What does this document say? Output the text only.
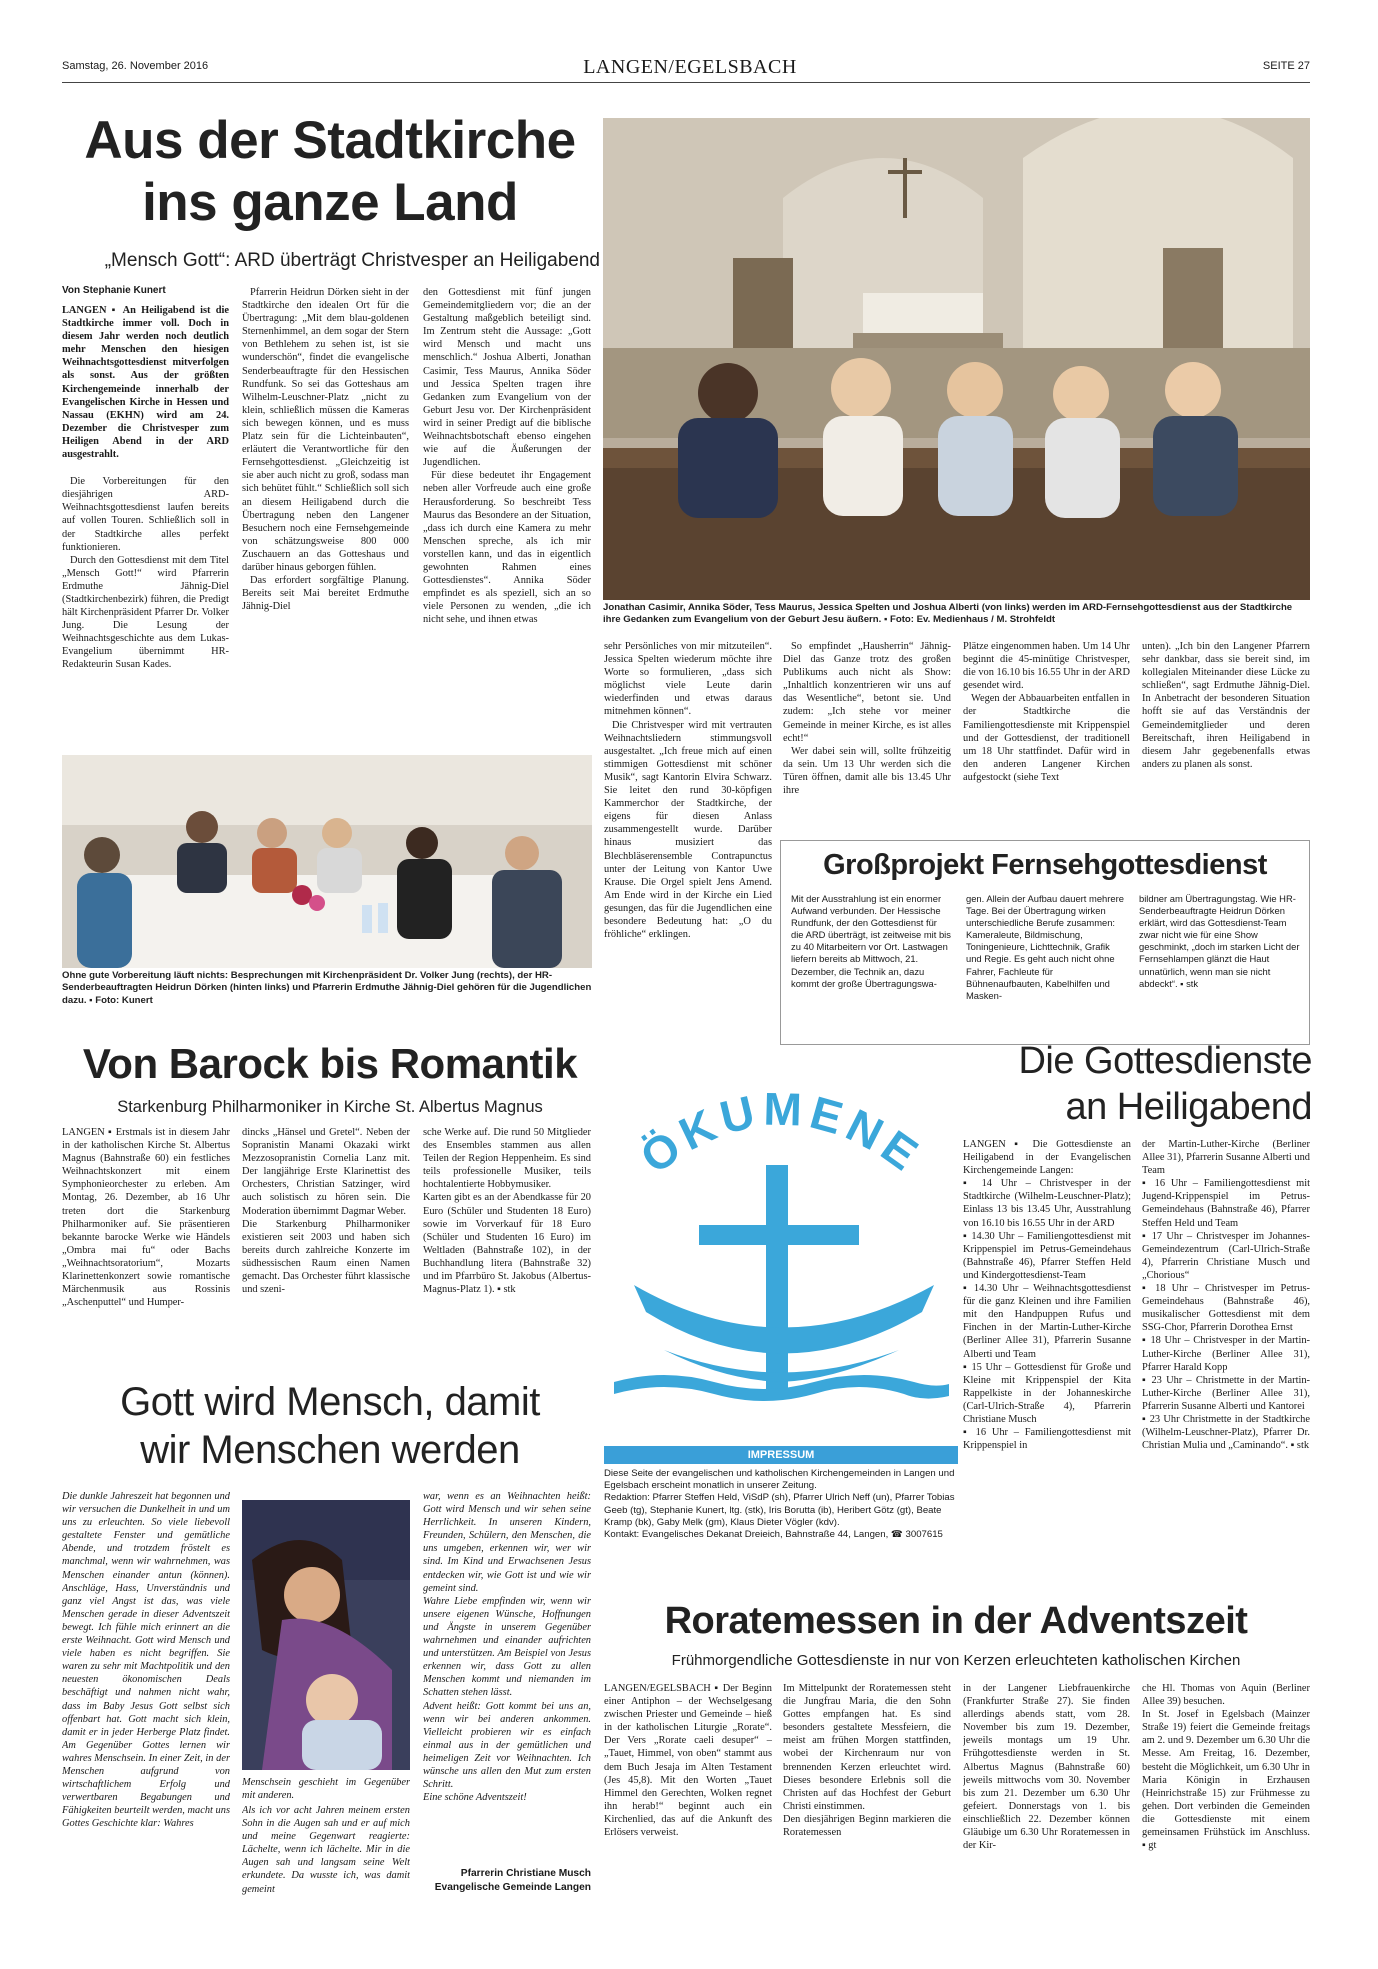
Samstag, 26. November 2016	LANGEN/EGELSBACH	SEITE 27
Aus der Stadtkirche
ins ganze Land
„Mensch Gott“: ARD überträgt Christvesper an Heiligabend
Von Stephanie Kunert

LANGEN ▪ An Heiligabend ist die Stadtkirche immer voll. Doch in diesem Jahr werden noch deutlich mehr Menschen den hiesigen Weihnachtsgottesdienst mitverfolgen als sonst. Aus der größten Kirchengemeinde innerhalb der Evangelischen Kirche in Hessen und Nassau (EKHN) wird am 24. Dezember die Christvesper zum Heiligen Abend in der ARD ausgestrahlt.

Die Vorbereitungen für den diesjährigen ARD-Weihnachtsgottesdienst laufen bereits auf vollen Touren. Schließlich soll in der Stadtkirche alles perfekt funktionieren.

Durch den Gottesdienst mit dem Titel „Mensch Gott!“ wird Pfarrerin Erdmuthe Jähnig-Diel (Stadtkirchenbezirk) führen, die Predigt hält Kirchenpräsident Pfarrer Dr. Volker Jung. Die Lesung der Weihnachtsgeschichte aus dem Lukas-Evangelium übernimmt HR-Redakteurin Susan Kades.

Pfarrerin Heidrun Dörken sieht in der Stadtkirche den idealen Ort für die Übertragung: „Mit dem blau-goldenen Sternenhimmel, an dem sogar der Stern von Bethlehem zu sehen ist, ist sie wunderschön“, findet die evangelische Senderbeauftragte für den Hessischen Rundfunk. So sei das Gotteshaus am Wilhelm-Leuschner-Platz „nicht zu klein, schließlich müssen die Kameras sich bewegen können, und es muss Platz sein für die Lichteinbauten“, erläutert die Verantwortliche für den Fernsehgottesdienst. „Gleichzeitig ist sie aber auch nicht zu groß, sodass man sich behütet fühlt.“ Schließlich soll sich an diesem Heiligabend durch die Übertragung neben den Langener Besuchern noch eine Fernsehgemeinde von schätzungsweise 800 000 Zuschauern an das Gotteshaus und darüber hinaus geborgen fühlen.

Das erfordert sorgfältige Planung. Bereits seit Mai bereitet Erdmuthe Jähnig-Diel

den Gottesdienst mit fünf jungen Gemeindemitgliedern vor; die an der Gestaltung maßgeblich beteiligt sind. Im Zentrum steht die Aussage: „Gott wird Mensch und macht uns menschlich.“ Joshua Alberti, Jonathan Casimir, Tess Maurus, Annika Söder und Jessica Spelten tragen ihre Gedanken zum Evangelium von der Geburt Jesu vor. Der Kirchenpräsident wird in seiner Predigt auf die biblische Weihnachtsbotschaft ebenso eingehen wie auf die Äußerungen der Jugendlichen.

Für diese bedeutet ihr Engagement neben aller Vorfreude auch eine große Herausforderung. So beschreibt Tess Maurus das Besondere an der Situation, „dass ich durch eine Kamera zu mehr Menschen spreche, als ich mir vorstellen kann, und das in eigentlich gewohnten Rahmen eines Gottesdienstes“. Annika Söder empfindet es als speziell, sich an so viele Personen zu wenden, „die ich nicht sehe, und ihnen etwas

Jonathan Casimir, Annika Söder, Tess Maurus, Jessica Spelten und Joshua Alberti (von links) werden im ARD-Fernsehgottesdienst aus der Stadtkirche ihre Gedanken zum Evangelium von der Geburt Jesu äußern. ▪ Foto: Ev. Medienhaus / M. Strohfeldt
Ohne gute Vorbereitung läuft nichts: Besprechungen mit Kirchenpräsident Dr. Volker Jung (rechts), der HR-Senderbeauftragten Heidrun Dörken (hinten links) und Pfarrerin Erdmuthe Jähnig-Diel gehören für die Jugendlichen dazu. ▪ Foto: Kunert

sehr Persönliches von mir mitzuteilen“. Jessica Spelten wiederum möchte ihre Worte so formulieren, „dass sich möglichst viele Leute darin wiederfinden und etwas daraus mitnehmen können“.

Die Christvesper wird mit vertrauten Weihnachtsliedern stimmungsvoll ausgestaltet. „Ich freue mich auf einen stimmigen Gottesdienst mit schöner Musik“, sagt Kantorin Elvira Schwarz. Sie leitet den rund 30-köpfigen Kammerchor der Stadtkirche, der eigens für diesen Anlass zusammengestellt wurde. Darüber hinaus musiziert das Blechbläserensemble Contrapunctus unter der Leitung von Kantor Uwe Krause. Die Orgel spielt Jens Amend. Am Ende wird in der Kirche ein Lied gesungen, das für die Jugendlichen eine besondere Bedeutung hat: „O du fröhliche“ erklingen.

So empfindet „Hausherrin“ Jähnig-Diel das Ganze trotz des großen Publikums auch nicht als Show: „Inhaltlich konzentrieren wir uns auf das Wesentliche“, betont sie. Und zudem: „Ich stehe vor meiner Gemeinde in meiner Kirche, es ist alles echt!“

Wer dabei sein will, sollte frühzeitig da sein. Um 13 Uhr werden sich die Türen öffnen, damit alle bis 13.45 Uhr ihre

Plätze eingenommen haben. Um 14 Uhr beginnt die 45-minütige Christvesper, die von 16.10 bis 16.55 Uhr in der ARD gesendet wird.

Wegen der Abbauarbeiten entfallen in der Stadtkirche die Familiengottesdienste mit Krippenspiel und der Gottesdienst, der traditionell um 18 Uhr stattfindet. Dafür wird in den anderen Langener Kirchen aufgestockt (siehe Text

unten). „Ich bin den Langener Pfarrern sehr dankbar, dass sie bereit sind, im kollegialen Miteinander diese Lücke zu schließen“, sagt Erdmuthe Jähnig-Diel. In Anbetracht der besonderen Situation hofft sie auf das Verständnis der Gemeindemitglieder und deren Bereitschaft, ihren Heiligabend in diesem Jahr gegebenenfalls etwas anders zu planen als sonst.

Großprojekt Fernsehgottesdienst
Mit der Ausstrahlung ist ein enormer Aufwand verbunden. Der Hessische Rundfunk, der den Gottesdienst für die ARD überträgt, ist zeitweise mit bis zu 40 Mitarbeitern vor Ort. Lastwagen liefern bereits ab Mittwoch, 21. Dezember, die Technik an, dazu kommt der große Übertragungswa-
gen. Allein der Aufbau dauert mehrere Tage. Bei der Übertragung wirken unterschiedliche Berufe zusammen: Kameraleute, Bildmischung, Toningenieure, Lichttechnik, Grafik und Regie. Es geht auch nicht ohne Fahrer, Fachleute für Bühnenaufbauten, Kabelhilfen und Masken-
bildner am Übertragungstag. Wie HR-Senderbeauftragte Heidrun Dörken erklärt, wird das Gottesdienst-Team zwar nicht wie für eine Show geschminkt, „doch im starken Licht der Fernsehlampen glänzt die Haut unnatürlich, wenn man sie nicht abdeckt“. ▪ stk
Von Barock bis Romantik
Starkenburg Philharmoniker in Kirche St. Albertus Magnus
LANGEN ▪ Erstmals ist in diesem Jahr in der katholischen Kirche St. Albertus Magnus (Bahnstraße 60) ein festliches Weihnachtskonzert mit einem Symphonieorchester zu erleben. Am Montag, 26. Dezember, ab 16 Uhr treten dort die Starkenburg Philharmoniker auf. Sie präsentieren bekannte barocke Werke wie Händels „Ombra mai fu“ oder Bachs „Weihnachtsoratorium“, Mozarts Klarinettenkonzert sowie romantische Märchenmusik aus Rossinis „Aschenputtel“ und Humper-
dincks „Hänsel und Gretel“. Neben der Sopranistin Manami Okazaki wirkt Mezzosopranistin Cornelia Lanz mit. Der langjährige Erste Klarinettist des Orchesters, Christian Satzinger, wird auch solistisch zu hören sein. Die Moderation übernimmt Dagmar Weber.
Die Starkenburg Philharmoniker existieren seit 2003 und haben sich bereits durch zahlreiche Konzerte im südhessischen Raum einen Namen gemacht. Das Orchester führt klassische und szeni-
sche Werke auf. Die rund 50 Mitglieder des Ensembles stammen aus allen Teilen der Region Heppenheim. Es sind teils professionelle Musiker, teils hochtalentierte Hobbymusiker.
Karten gibt es an der Abendkasse für 20 Euro (Schüler und Studenten 18 Euro) sowie im Vorverkauf für 18 Euro (Schüler und Studenten 16 Euro) im Weltladen (Bahnstraße 102), in der Buchhandlung litera (Bahnstraße 32) und im Pfarrbüro St. Jakobus (Albertus-Magnus-Platz 1). ▪ stk
ÖKUMENE
IMPRESSUM
Diese Seite der evangelischen und katholischen Kirchengemeinden in Langen und Egelsbach erscheint monatlich in unserer Zeitung.
Redaktion: Pfarrer Steffen Held, ViSdP (sh), Pfarrer Ulrich Neff (un), Pfarrer Tobias Geeb (tg), Stephanie Kunert, ltg. (stk), Iris Borutta (ib), Heribert Götz (gt), Beate Kramp (bk), Gaby Melk (gm), Klaus Dieter Vögler (kdv).
Kontakt: Evangelisches Dekanat Dreieich, Bahnstraße 44, Langen, ☎ 3007615
Die Gottesdienste
an Heiligabend
LANGEN ▪ Die Gottesdienste an Heiligabend in der Evangelischen Kirchengemeinde Langen:
▪ 14 Uhr – Christvesper in der Stadtkirche (Wilhelm-Leuschner-Platz); Einlass 13 bis 13.45 Uhr, Ausstrahlung von 16.10 bis 16.55 Uhr in der ARD
▪ 14.30 Uhr – Familiengottesdienst mit Krippenspiel im Petrus-Gemeindehaus (Bahnstraße 46), Pfarrer Steffen Held und Kindergottesdienst-Team
▪ 14.30 Uhr – Weihnachtsgottesdienst für die ganz Kleinen und ihre Familien mit den Handpuppen Rufus und Finchen in der Martin-Luther-Kirche (Berliner Allee 31), Pfarrerin Susanne Alberti und Team
▪ 15 Uhr – Gottesdienst für Große und Kleine mit Krippenspiel der Kita Rappelkiste in der Johanneskirche (Carl-Ulrich-Straße 4), Pfarrerin Christiane Musch
▪ 16 Uhr – Familiengottesdienst mit Krippenspiel in
der Martin-Luther-Kirche (Berliner Allee 31), Pfarrerin Susanne Alberti und Team
▪ 16 Uhr – Familiengottesdienst mit Jugend-Krippenspiel im Petrus-Gemeindehaus (Bahnstraße 46), Pfarrer Steffen Held und Team
▪ 17 Uhr – Christvesper im Johannes-Gemeindezentrum (Carl-Ulrich-Straße 4), Pfarrerin Christiane Musch und „Chorious“
▪ 18 Uhr – Christvesper im Petrus-Gemeindehaus (Bahnstraße 46), musikalischer Gottesdienst mit dem SSG-Chor, Pfarrerin Dorothea Ernst
▪ 18 Uhr – Christvesper in der Martin-Luther-Kirche (Berliner Allee 31), Pfarrer Harald Kopp
▪ 23 Uhr – Christmette in der Martin-Luther-Kirche (Berliner Allee 31), Pfarrerin Susanne Alberti und Kantorei
▪ 23 Uhr Christmette in der Stadtkirche (Wilhelm-Leuschner-Platz), Pfarrer Dr. Christian Mulia und „Caminando“. ▪ stk
Gott wird Mensch, damit
wir Menschen werden
Die dunkle Jahreszeit hat begonnen und wir versuchen die Dunkelheit in und um uns zu erleuchten. So viele liebevoll gestaltete Fenster und gemütliche Abende, und trotzdem fröstelt es manchmal, wenn wir wahrnehmen, was Menschen einander antun (können). Anschläge, Hass, Unverständnis und ganz viel Angst ist das, was viele Menschen gerade in dieser Adventszeit bewegt. Ich fühle mich erinnert an die erste Weihnacht. Gott wird Mensch und viele haben es nicht begriffen. Sie waren zu sehr mit Machtpolitik und den neuesten ökonomischen Deals beschäftigt und nahmen nicht wahr, dass im Baby Jesus Gott selbst sich offenbart hat. Gott macht sich klein, damit er in jeder Herberge Platz findet. Am Gegenüber Gottes lernen wir wahres Menschsein. In einer Zeit, in der Menschen aufgrund von wirtschaftlichem Erfolg und verwertbaren Begabungen und Fähigkeiten beurteilt werden, macht uns Gottes Geschichte klar: Wahres
Menschsein geschieht im Gegenüber mit anderen.
Als ich vor acht Jahren meinem ersten Sohn in die Augen sah und er auf mich und meine Gegenwart reagierte: Lächelte, wenn ich lächelte. Mir in die Augen sah und langsam seine Welt erkundete. Da wusste ich, was damit gemeint
war, wenn es an Weihnachten heißt: Gott wird Mensch und wir sehen seine Herrlichkeit. In unseren Kindern, Freunden, Schülern, den Menschen, die uns umgeben, erkennen wir, wer wir sind. Im Kind und Erwachsenen Jesus entdecken wir, wie Gott ist und wie wir gemeint sind.
Wahre Liebe empfinden wir, wenn wir unsere eigenen Wünsche, Hoffnungen und Ängste in unserem Gegenüber wahrnehmen und einander aufrichten und unterstützen. Am Beispiel von Jesus erkennen wir, dass Gott zu allen Menschen kommt und niemanden im Schatten stehen lässt.
Advent heißt: Gott kommt bei uns an, wenn wir bei anderen ankommen. Vielleicht probieren wir es einfach einmal aus in der gemütlichen und heimeligen Zeit vor Weihnachten. Ich wünsche uns allen den Mut zum ersten Schritt.
Eine schöne Adventszeit!
Pfarrerin Christiane Musch
Evangelische Gemeinde Langen
Roratemessen in der Adventszeit
Frühmorgendliche Gottesdienste in nur von Kerzen erleuchteten katholischen Kirchen
LANGEN/EGELSBACH ▪ Der Beginn einer Antiphon – der Wechselgesang zwischen Priester und Gemeinde – hieß in der katholischen Liturgie „Rorate“. Der Vers „Rorate caeli desuper“ – „Tauet, Himmel, von oben“ stammt aus dem Buch Jesaja im Alten Testament (Jes 45,8). Mit den Worten „Tauet Himmel den Gerechten, Wolken regnet ihn herab!“ beginnt auch ein Kirchenlied, das auf die Ankunft des Erlösers verweist.
Im Mittelpunkt der Roratemessen steht die Jungfrau Maria, die den Sohn Gottes empfangen hat. Es sind besonders gestaltete Messfeiern, die meist am frühen Morgen stattfinden, wobei der Kirchenraum nur von brennenden Kerzen erleuchtet wird. Dieses besondere Erlebnis soll die Christen auf das Hochfest der Geburt Christi einstimmen.
Den diesjährigen Beginn markieren die Roratemessen
in der Langener Liebfrauenkirche (Frankfurter Straße 27). Sie finden allerdings abends statt, vom 28. November bis zum 19. Dezember, jeweils montags um 19 Uhr. Frühgottesdienste werden in St. Albertus Magnus (Bahnstraße 60) jeweils mittwochs vom 30. November bis zum 21. Dezember um 6.30 Uhr gefeiert. Donnerstags von 1. bis einschließlich 22. Dezember können Gläubige um 6.30 Uhr Roratemessen in der Kir-
che Hl. Thomas von Aquin (Berliner Allee 39) besuchen.
In St. Josef in Egelsbach (Mainzer Straße 19) feiert die Gemeinde freitags am 2. und 9. Dezember um 6.30 Uhr die Messe. Am Freitag, 16. Dezember, besteht die Möglichkeit, um 6.30 Uhr in Maria Königin in Erzhausen (Heinrichstraße 15) zur Frühmesse zu gehen. Dort verbinden die Gemeinden die Gottesdienste mit einem gemeinsamen Frühstück im Anschluss. ▪ gt
